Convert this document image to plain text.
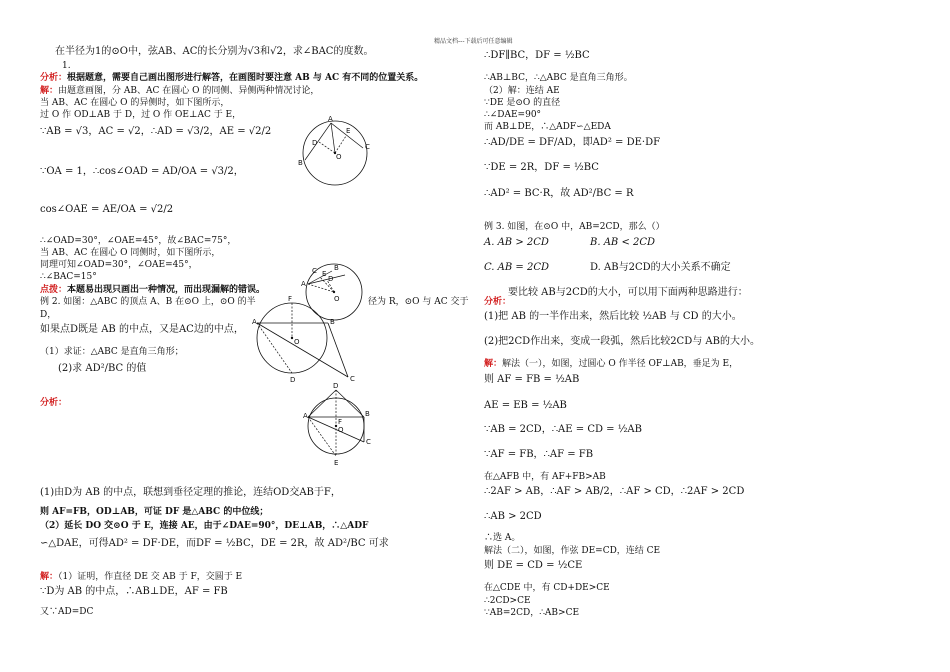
精品文档---下载后可任意编辑
在半径为1的⊙O中，弦AB、AC的长分别为√3和√2，求∠BAC的度数。
1.
分析：根据题意，需要自己画出图形进行解答，在画图时要注意 AB 与 AC 有不同的位置关系。
解：由题意画图，分 AB、AC 在圆心 O 的同侧、异侧两种情况讨论，
当 AB、AC 在圆心 O 的异侧时，如下图所示，
过 O 作 OD⊥AB 于 D，过 O 作 OE⊥AC 于 E，
∵AB = √3，AC = √2，∴AD = √3/2，AE = √2/2
∵OA = 1，∴cos∠OAD = AD/OA = √3/2，
cos∠OAE = AE/OA = √2/2
∴∠OAD=30°，∠OAE=45°，故∠BAC=75°，
当 AB、AC 在圆心 O 同侧时，如下图所示，
同理可知∠OAD=30°，∠OAE=45°，
∴∠BAC=15°
点拨：本题易出现只画出一种情况，而出现漏解的错误。
例 2. 如图：△ABC 的顶点 A、B 在⊙O 上，⊙O 的半	径为 R，⊙O 与 AC 交于
D，
如果点D既是 AB 的中点，又是AC边的中点，
（1）求证：△ABC 是直角三角形；
(2)求 AD²/BC 的值
分析：
(1)由D为 AB 的中点，联想到垂径定理的推论，连结OD交AB于F，
则 AF=FB，OD⊥AB，可证 DF 是△ABC 的中位线；
（2）延长 DO 交⊙O 于 E，连接 AE，由于∠DAE=90°，DE⊥AB，∴△ADF
∽△DAE，可得AD² = DF·DE，而DF = ½BC，DE = 2R，故 AD²/BC 可求
解：（1）证明，作直径 DE 交 AB 于 F，交圆于 E
∵D为 AB 的中点，∴AB⊥DE，AF = FB
又∵AD=DC
A
B
C
D
E
O
C B
A
E
D
O
F
A	B
D
O
C
D
A	B
F
O
C
E
∴DF∥BC，DF = ½BC
∴AB⊥BC，∴△ABC 是直角三角形。
（2）解：连结 AE
∵DE 是⊙O 的直径
∴∠DAE=90°
而 AB⊥DE，∴△ADF∽△EDA
∴AD/DE = DF/AD，即AD² = DE·DF
∵DE = 2R，DF = ½BC
∴AD² = BC·R，故 AD²/BC = R
例 3. 如图，在⊙O 中，AB=2CD，那么（）
A. AB > 2CD	B. AB < 2CD
C. AB = 2CD	D. AB与2CD的大小关系不确定
要比较 AB与2CD的大小，可以用下面两种思路进行：
分析：
(1)把 AB 的一半作出来，然后比较 ½AB 与 CD 的大小。
(2)把2CD作出来，变成一段弧，然后比较2CD与 AB的大小。
解：解法（一），如图，过圆心 O 作半径 OF⊥AB，垂足为 E，
则 AF = FB = ½AB
AE = EB = ½AB
∵AB = 2CD，∴AE = CD = ½AB
∵AF = FB，∴AF = FB
在△AFB 中，有 AF+FB>AB
∴2AF > AB，∴AF > AB/2，∴AF > CD，∴2AF > 2CD
∴AB > 2CD
∴选 A。
解法（二），如图，作弦 DE=CD，连结 CE
则 DE = CD = ½CE
在△CDE 中，有 CD+DE>CE
∴2CD>CE
∵AB=2CD，∴AB>CE
